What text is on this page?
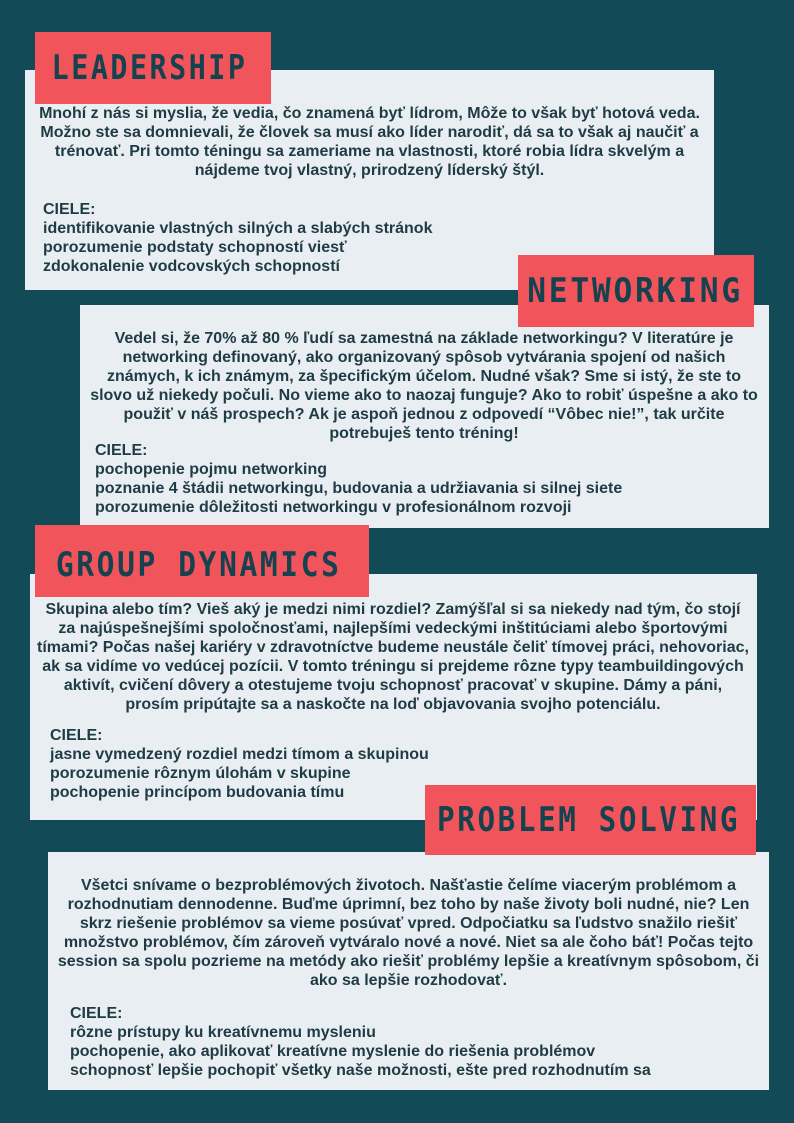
LEADERSHIP

Mnohí z nás si myslia, že vedia, čo znamená byť lídrom, Môže to však byť hotová veda. Možno ste sa domnievali, že človek sa musí ako líder narodiť, dá sa to však aj naučiť a trénovať. Pri tomto téningu sa zameriame na vlastnosti, ktoré robia lídra skvelým a nájdeme tvoj vlastný, prirodzený líderský štýl.

CIELE:
identifikovanie vlastných silných a slabých stránok
porozumenie podstaty schopností viesť
zdokonalenie vodcovských schopností
NETWORKING

Vedel si, že 70% až 80 % ľudí sa zamestná na základe networkingu? V literatúre je networking definovaný, ako organizovaný spôsob vytvárania spojení od našich známych, k ich známym, za špecifickým účelom. Nudné však? Sme si istý, že ste to slovo už niekedy počuli. No vieme ako to naozaj funguje? Ako to robiť úspešne a ako to použiť v náš prospech? Ak je aspoň jednou z odpovedí “Vôbec nie!”, tak určite potrebuješ tento tréning!

CIELE:
pochopenie pojmu networking
poznanie 4 štádii networkingu, budovania a udržiavania si silnej siete
porozumenie dôležitosti networkingu v profesionálnom rozvoji
GROUP DYNAMICS

Skupina alebo tím? Vieš aký je medzi nimi rozdiel? Zamýšľal si sa niekedy nad tým, čo stojí za najúspešnejšími spoločnosťami, najlepšími vedeckými inštitúciami alebo športovými tímami? Počas našej kariéry v zdravotníctve budeme neustále čeliť tímovej práci, nehovoriac, ak sa vidíme vo vedúcej pozícii. V tomto tréningu si prejdeme rôzne typy teambuildingových aktivít, cvičení dôvery a otestujeme tvoju schopnosť pracovať v skupine. Dámy a páni, prosím pripútajte sa a naskočte na loď objavovania svojho potenciálu.

CIELE:
jasne vymedzený rozdiel medzi tímom a skupinou
porozumenie rôznym úlohám v skupine
pochopenie princípom budovania tímu
PROBLEM SOLVING

Všetci snívame o bezproblémových životoch. Našťastie čelíme viacerým problémom a rozhodnutiam dennodenne. Buďme úprimní, bez toho by naše životy boli nudné, nie? Len skrz riešenie problémov sa vieme posúvať vpred. Odpočiatku sa ľudstvo snažilo riešiť množstvo problémov, čím zároveň vytváralo nové a nové. Niet sa ale čoho báť! Počas tejto session sa spolu pozrieme na metódy ako riešiť problémy lepšie a kreatívnym spôsobom, či ako sa lepšie rozhodovať.

CIELE:
rôzne prístupy ku kreatívnemu mysleniu
pochopenie, ako aplikovať kreatívne myslenie do riešenia problémov
schopnosť lepšie pochopiť všetky naše možnosti, ešte pred rozhodnutím sa
